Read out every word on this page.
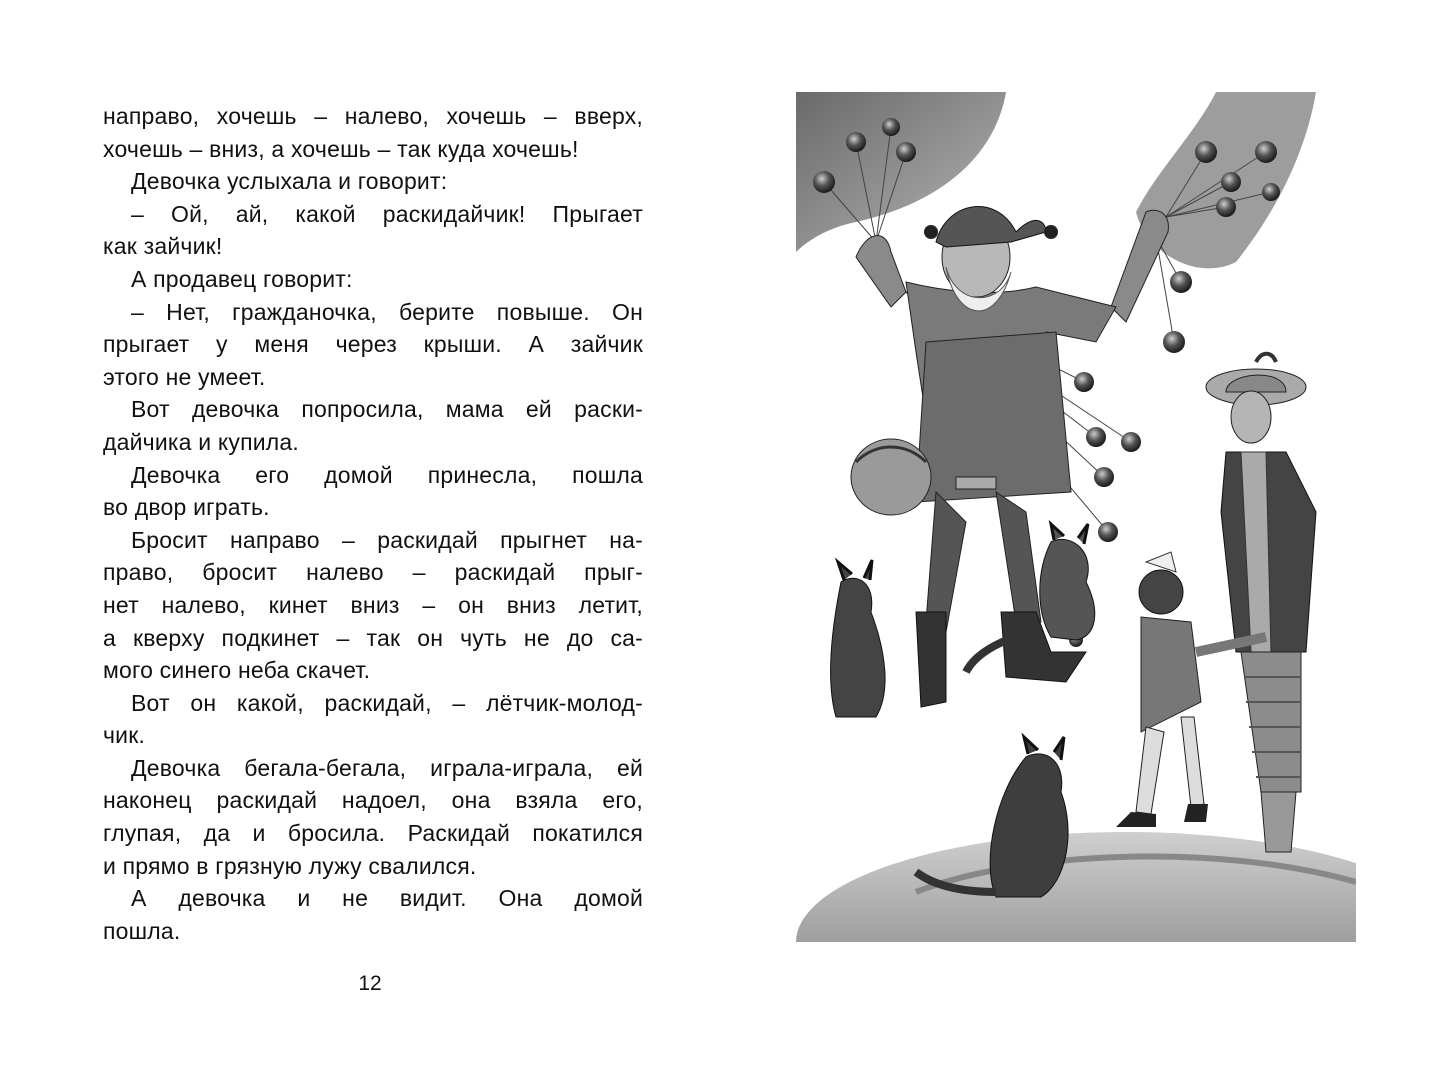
направо, хочешь – налево, хочешь – вверх,
хочешь – вниз, а хочешь – так куда хочешь!
Девочка услыхала и говорит:
– Ой, ай, какой раскидайчик! Прыгает
как зайчик!
А продавец говорит:
– Нет, гражданочка, берите повыше. Он
прыгает у меня через крыши. А зайчик
этого не умеет.
Вот девочка попросила, мама ей раски-
дайчика и купила.
Девочка его домой принесла, пошла
во двор играть.
Бросит направо – раскидай прыгнет на-
право, бросит налево – раскидай прыг-
нет налево, кинет вниз – он вниз летит,
а кверху подкинет – так он чуть не до са-
мого синего неба скачет.
Вот он какой, раскидай, – лётчик-молод-
чик.
Девочка бегала-бегала, играла-играла, ей
наконец раскидай надоел, она взяла его,
глупая, да и бросила. Раскидай покатился
и прямо в грязную лужу свалился.
А девочка и не видит. Она домой
пошла.
12
